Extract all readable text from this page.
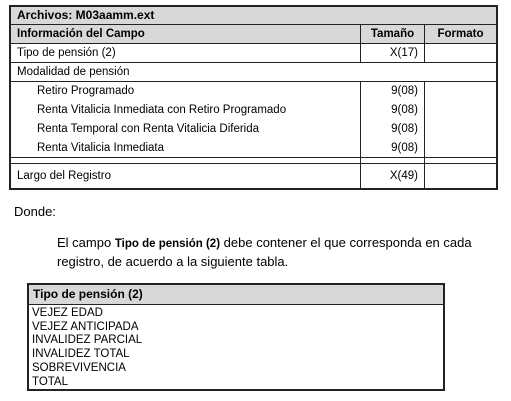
Archivos: M03aamm.ext
Información del Campo	Tamaño	Formato
Tipo de pensión (2)	X(17)
Modalidad de pensión
Retiro Programado	9(08)
Renta Vitalicia Inmediata con Retiro Programado	9(08)
Renta Temporal con Renta Vitalicia Diferida	9(08)
Renta Vitalicia Inmediata	9(08)
Largo del Registro	X(49)
Donde:
El campo Tipo de pensión (2) debe contener el que corresponda en cada registro, de acuerdo a la siguiente tabla.
Tipo de pensión (2)
VEJEZ EDAD
VEJEZ ANTICIPADA
INVALIDEZ PARCIAL
INVALIDEZ TOTAL
SOBREVIVENCIA
TOTAL
